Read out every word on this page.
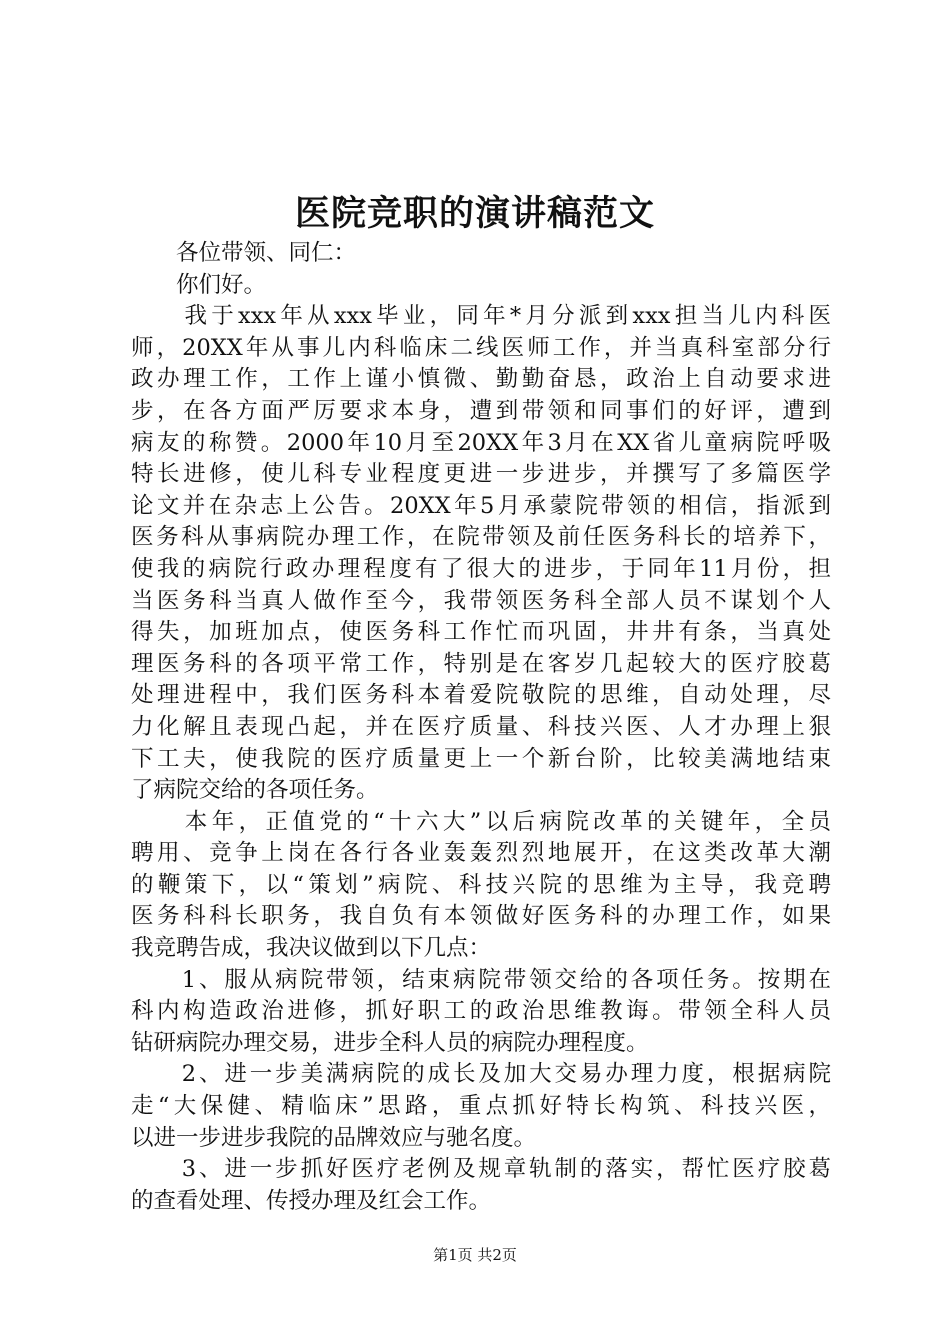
医院竞职的演讲稿范文
　　各位带领、同仁：
　　你们好。
　　我于xxx年从xxx毕业，同年*月分派到xxx担当儿内科医
师，20XX年从事儿内科临床二线医师工作，并当真科室部分行
政办理工作，工作上谨小慎微、勤勤奋恳，政治上自动要求进
步，在各方面严厉要求本身，遭到带领和同事们的好评，遭到
病友的称赞。2000年10月至20XX年3月在XX省儿童病院呼吸
特长进修，使儿科专业程度更进一步进步，并撰写了多篇医学
论文并在杂志上公告。20XX年5月承蒙院带领的相信，指派到
医务科从事病院办理工作，在院带领及前任医务科长的培养下，
使我的病院行政办理程度有了很大的进步，于同年11月份，担
当医务科当真人做作至今，我带领医务科全部人员不谋划个人
得失，加班加点，使医务科工作忙而巩固，井井有条，当真处
理医务科的各项平常工作，特别是在客岁几起较大的医疗胶葛
处理进程中，我们医务科本着爱院敬院的思维，自动处理，尽
力化解且表现凸起，并在医疗质量、科技兴医、人才办理上狠
下工夫，使我院的医疗质量更上一个新台阶，比较美满地结束
了病院交给的各项任务。
　　本年，正值党的“十六大”以后病院改革的关键年，全员
聘用、竞争上岗在各行各业轰轰烈烈地展开，在这类改革大潮
的鞭策下，以“策划”病院、科技兴院的思维为主导，我竞聘
医务科科长职务，我自负有本领做好医务科的办理工作，如果
我竞聘告成，我决议做到以下几点：
　　1、服从病院带领，结束病院带领交给的各项任务。按期在
科内构造政治进修，抓好职工的政治思维教诲。带领全科人员
钻研病院办理交易，进步全科人员的病院办理程度。
　　2、进一步美满病院的成长及加大交易办理力度，根据病院
走“大保健、精临床”思路，重点抓好特长构筑、科技兴医，
以进一步进步我院的品牌效应与驰名度。
　　3、进一步抓好医疗老例及规章轨制的落实，帮忙医疗胶葛
的查看处理、传授办理及红会工作。
第1页 共2页
